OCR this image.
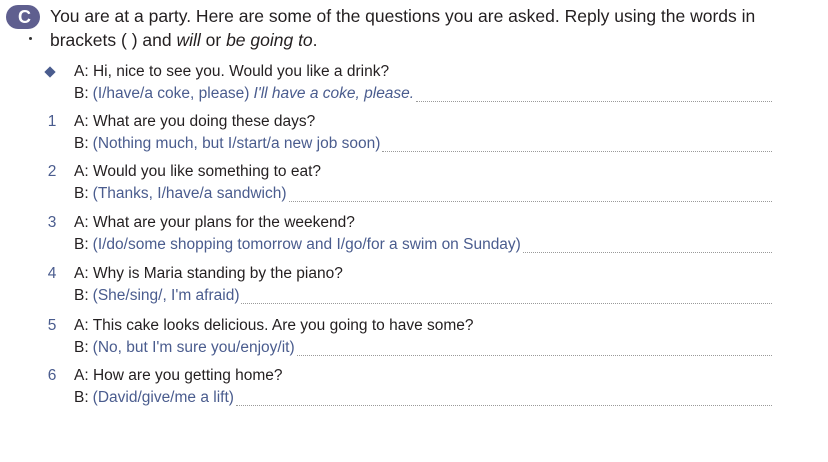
C	You are at a party. Here are some of the questions you are asked. Reply using the words in
brackets ( ) and will or be going to.
A: Hi, nice to see you. Would you like a drink?
B: (I/have/a coke, please) I'll have a coke, please.
1	A: What are you doing these days?
B: (Nothing much, but I/start/a new job soon)
2	A: Would you like something to eat?
B: (Thanks, I/have/a sandwich)
3	A: What are your plans for the weekend?
B: (I/do/some shopping tomorrow and I/go/for a swim on Sunday)
4	A: Why is Maria standing by the piano?
B: (She/sing/, I'm afraid)
5	A: This cake looks delicious. Are you going to have some?
B: (No, but I'm sure you/enjoy/it)
6	A: How are you getting home?
B: (David/give/me a lift)
